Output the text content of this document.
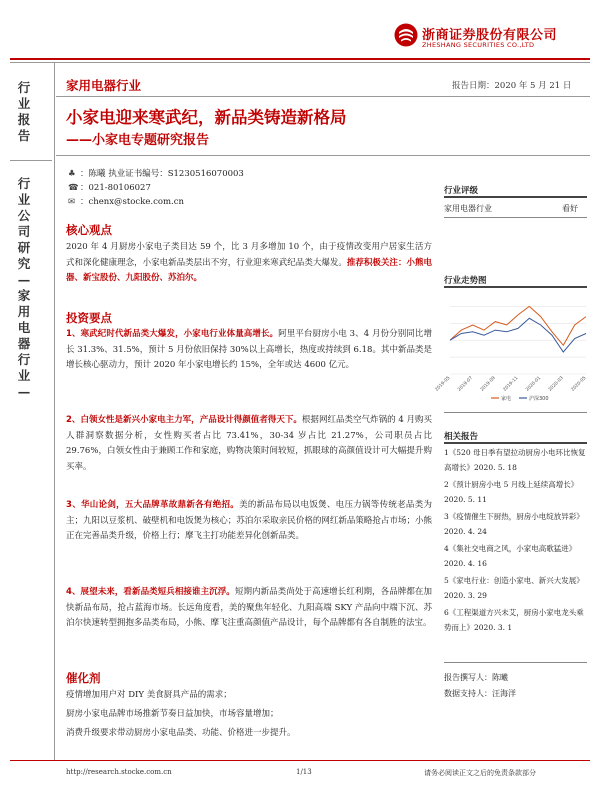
浙商证券股份有限公司
ZHESHANG SECURITIES CO.,LTD
家用电器行业	报告日期：2020 年 5 月 21 日
行业报告
行业公司研究—家用电器行业—
小家电迎来寒武纪，新品类铸造新格局
——小家电专题研究报告
♣ ：陈曦 执业证书编号：S1230516070003
☎：021-80106027
✉ ：chenx@stocke.com.cn
核心观点
2020 年 4 月厨房小家电子类目达 59 个，比 3 月多增加 10 个，由于疫情改变用户居家生活方式和深化健康理念，小家电新品类层出不穷，行业迎来寒武纪品类大爆发。推荐积极关注：小熊电器、新宝股份、九阳股份、苏泊尔。
投资要点
1、寒武纪时代新品类大爆发，小家电行业体量高增长。阿里平台厨房小电 3、4 月份分别同比增长 31.3%、31.5%，预计 5 月份依旧保持 30%以上高增长，热度或持续到 6.18。其中新品类是增长核心驱动力，预计 2020 年小家电增长约 15%，全年或达 4600 亿元。
2、白领女性是新兴小家电主力军，产品设计得颜值者得天下。根据网红品类空气炸锅的 4 月购买人群洞察数据分析，女性购买者占比 73.41%，30-34 岁占比 21.27%，公司职员占比 29.76%，白领女性由于兼顾工作和家庭，购物决策时间较短，抓眼球的高颜值设计可大幅提升购买率。
3、华山论剑，五大品牌革故鼎新各有绝招。美的新品布局以电饭煲、电压力锅等传统老品类为主；九阳以豆浆机、破壁机和电饭煲为核心；苏泊尔采取亲民价格的网红新品策略抢占市场；小熊正在完善品类升级，价格上行；摩飞主打功能差异化创新品类。
4、展望未来，看新品类短兵相接谁主沉浮。短期内新品类尚处于高速增长红利期，各品牌都在加快新品布局，抢占蓝海市场。长远角度看，美的聚焦年轻化、九阳高端 SKY 产品向中端下沉、苏泊尔快速转型拥抱多品类布局，小熊、摩飞注重高颜值产品设计，每个品牌都有各自制胜的法宝。
催化剂
疫情增加用户对 DIY 美食厨具产品的需求；
厨房小家电品牌市场推新节奏日益加快，市场容量增加；
消费升级要求带动厨房小家电品类、功能、价格进一步提升。
行业评级
家用电器行业	看好
行业走势图
2019-05 2019-07 2019-09 2019-11 2020-01 2020-03 2020-05
家电	沪深300
相关报告
1《520 母日季有望拉动厨房小电环比恢复高增长》2020. 5. 18
2《预计厨房小电 5 月线上延续高增长》2020. 5. 11
3《疫情催生下厨热，厨房小电绽放异彩》2020. 4. 24
4《集社交电商之风，小家电高歌猛进》2020. 4. 16
5《家电行业：创造小家电、新兴大发展》2020. 3. 29
6《工程渠道方兴未艾，厨房小家电龙头乘势而上》2020. 3. 1
报告撰写人：陈曦
数据支持人：汪海洋
http://research.stocke.com.cn	1/13	请务必阅读正文之后的免责条款部分
